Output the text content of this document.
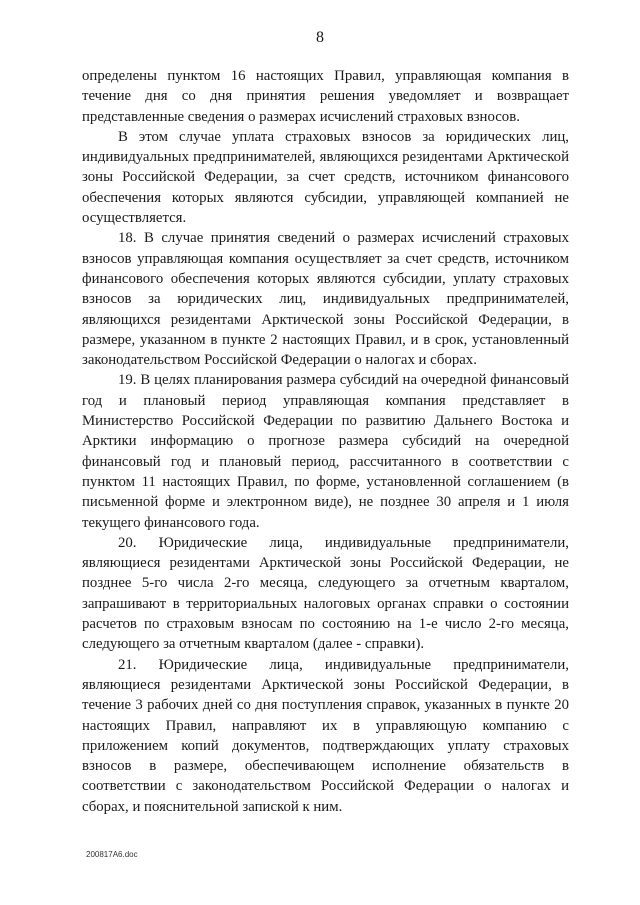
8

определены пунктом 16 настоящих Правил, управляющая компания в течение дня со дня принятия решения уведомляет и возвращает представленные сведения о размерах исчислений страховых взносов.

В этом случае уплата страховых взносов за юридических лиц, индивидуальных предпринимателей, являющихся резидентами Арктической зоны Российской Федерации, за счет средств, источником финансового обеспечения которых являются субсидии, управляющей компанией не осуществляется.

18. В случае принятия сведений о размерах исчислений страховых взносов управляющая компания осуществляет за счет средств, источником финансового обеспечения которых являются субсидии, уплату страховых взносов за юридических лиц, индивидуальных предпринимателей, являющихся резидентами Арктической зоны Российской Федерации, в размере, указанном в пункте 2 настоящих Правил, и в срок, установленный законодательством Российской Федерации о налогах и сборах.

19. В целях планирования размера субсидий на очередной финансовый год и плановый период управляющая компания представляет в Министерство Российской Федерации по развитию Дальнего Востока и Арктики информацию о прогнозе размера субсидий на очередной финансовый год и плановый период, рассчитанного в соответствии с пунктом 11 настоящих Правил, по форме, установленной соглашением (в письменной форме и электронном виде), не позднее 30 апреля и 1 июля текущего финансового года.

20. Юридические лица, индивидуальные предприниматели, являющиеся резидентами Арктической зоны Российской Федерации, не позднее 5-го числа 2-го месяца, следующего за отчетным кварталом, запрашивают в территориальных налоговых органах справки о состоянии расчетов по страховым взносам по состоянию на 1-е число 2-го месяца, следующего за отчетным кварталом (далее - справки).

21. Юридические лица, индивидуальные предприниматели, являющиеся резидентами Арктической зоны Российской Федерации, в течение 3 рабочих дней со дня поступления справок, указанных в пункте 20 настоящих Правил, направляют их в управляющую компанию с приложением копий документов, подтверждающих уплату страховых взносов в размере, обеспечивающем исполнение обязательств в соответствии с законодательством Российской Федерации о налогах и сборах, и пояснительной запиской к ним.

200817А6.doc
